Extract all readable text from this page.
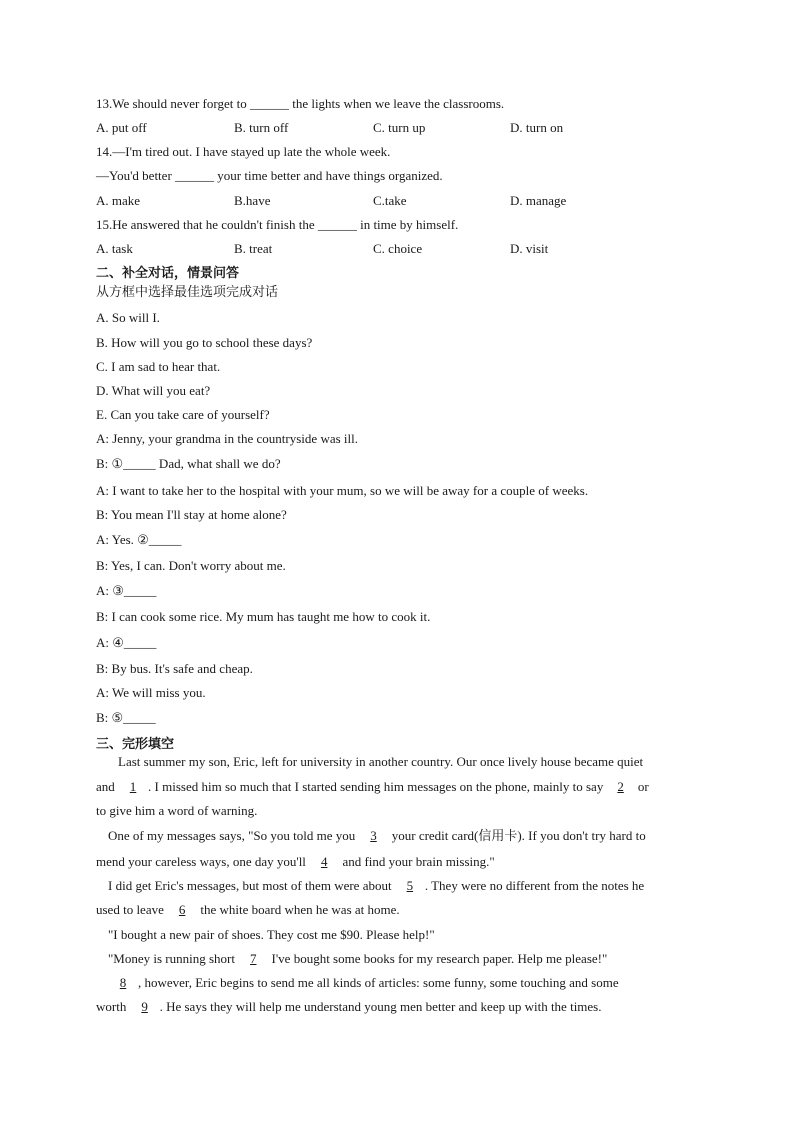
13.We should never forget to ______ the lights when we leave the classrooms.
A. put off	B. turn off	C. turn up	D. turn on
14.—I'm tired out. I have stayed up late the whole week.
—You'd better ______ your time better and have things organized.
A. make	B.have	C.take	D. manage
15.He answered that he couldn't finish the ______ in time by himself.
A. task	B. treat	C. choice	D. visit
二、补全对话，情景问答
从方框中选择最佳选项完成对话
A. So will I.
B. How will you go to school these days?
C. I am sad to hear that.
D. What will you eat?
E. Can you take care of yourself?
A: Jenny, your grandma in the countryside was ill.
B: ①_____ Dad, what shall we do?
A: I want to take her to the hospital with your mum, so we will be away for a couple of weeks.
B: You mean I'll stay at home alone?
A: Yes. ②_____
B: Yes, I can. Don't worry about me.
A: ③_____
B: I can cook some rice. My mum has taught me how to cook it.
A: ④_____
B: By bus. It's safe and cheap.
A: We will miss you.
B: ⑤_____
三、完形填空
Last summer my son, Eric, left for university in another country. Our once lively house became quiet
and 1 . I missed him so much that I started sending him messages on the phone, mainly to say 2 or
to give him a word of warning.
One of my messages says, "So you told me you 3 your credit card(信用卡). If you don't try hard to
mend your careless ways, one day you'll 4 and find your brain missing."
I did get Eric's messages, but most of them were about 5 . They were no different from the notes he
used to leave 6 the white board when he was at home.
"I bought a new pair of shoes. They cost me $90. Please help!"
"Money is running short 7 I've bought some books for my research paper. Help me please!"
8 , however, Eric begins to send me all kinds of articles: some funny, some touching and some
worth 9 . He says they will help me understand young men better and keep up with the times.
